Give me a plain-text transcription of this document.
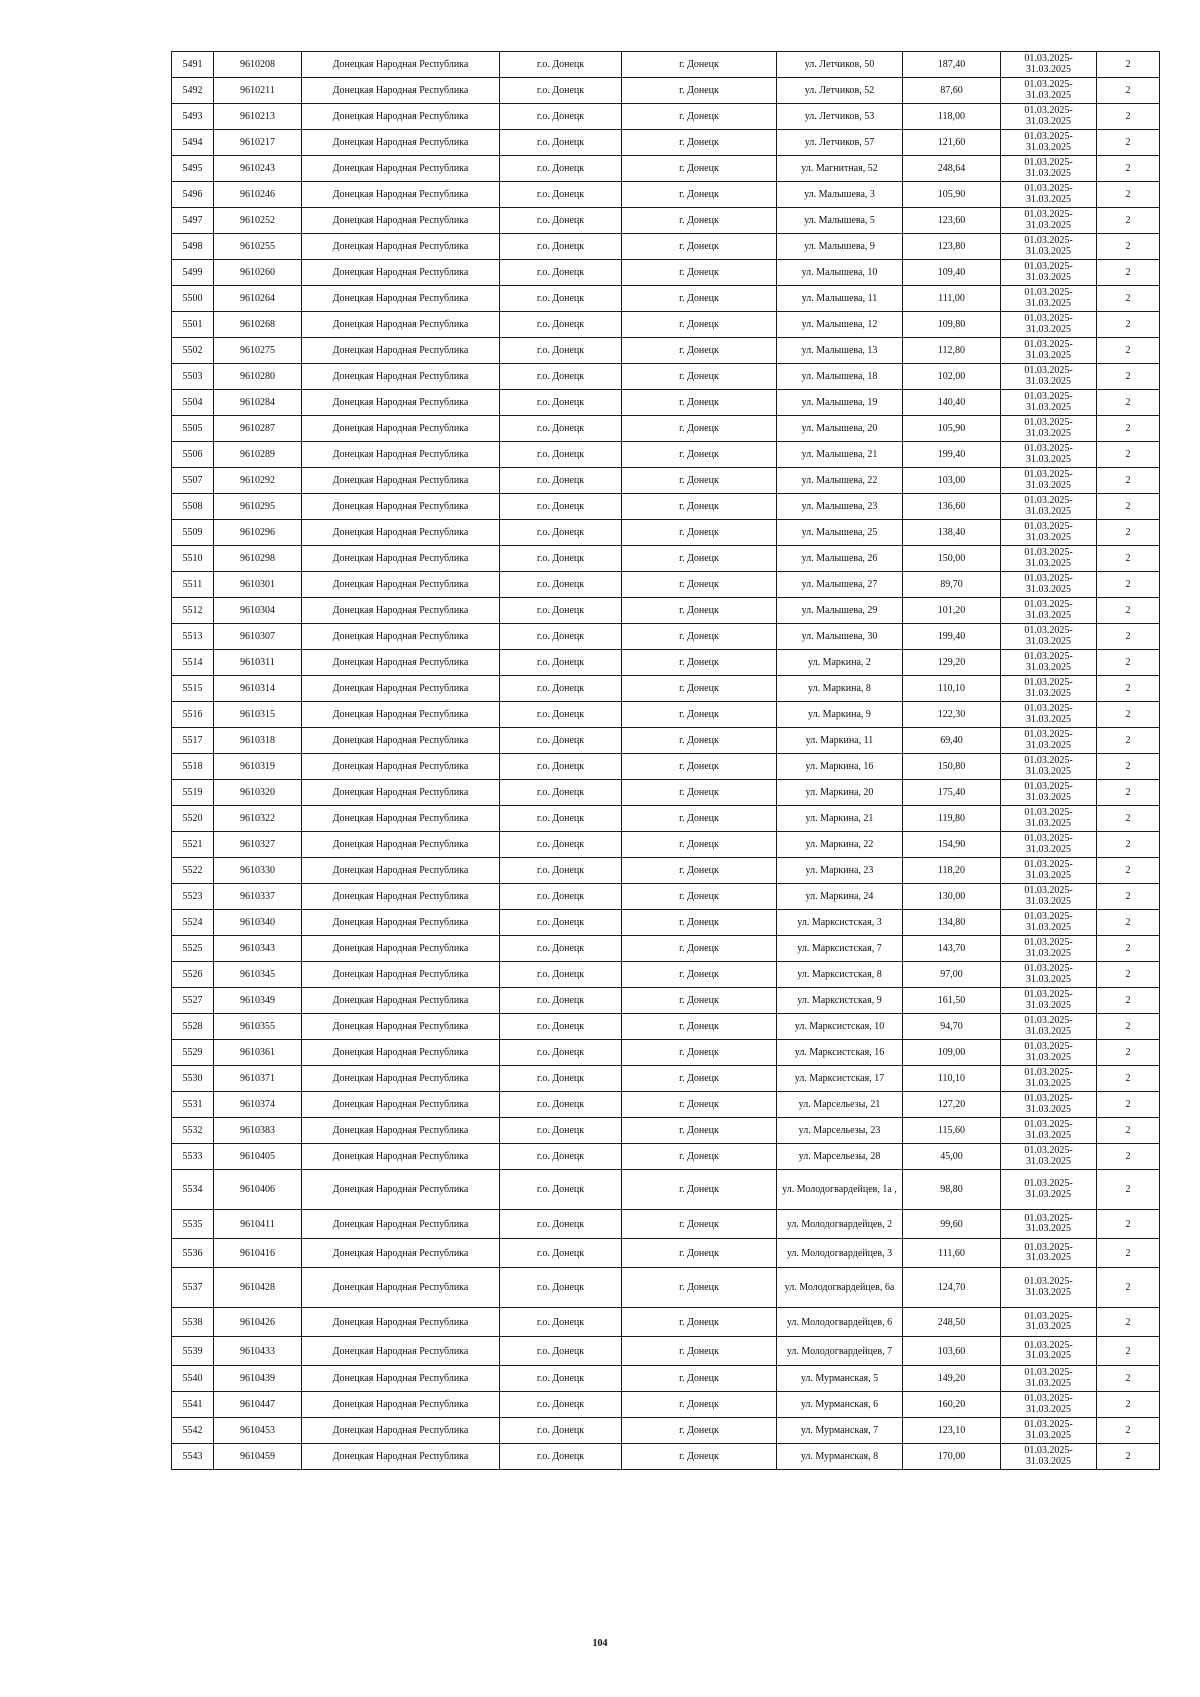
5491	9610208	Донецкая Народная Республика	г.о. Донецк	г. Донецк	ул. Летчиков, 50	187,40	01.03.2025-
31.03.2025	2
5492	9610211	Донецкая Народная Республика	г.о. Донецк	г. Донецк	ул. Летчиков, 52	87,60	01.03.2025-
31.03.2025	2
5493	9610213	Донецкая Народная Республика	г.о. Донецк	г. Донецк	ул. Летчиков, 53	118,00	01.03.2025-
31.03.2025	2
5494	9610217	Донецкая Народная Республика	г.о. Донецк	г. Донецк	ул. Летчиков, 57	121,60	01.03.2025-
31.03.2025	2
5495	9610243	Донецкая Народная Республика	г.о. Донецк	г. Донецк	ул. Магнитная, 52	248,64	01.03.2025-
31.03.2025	2
5496	9610246	Донецкая Народная Республика	г.о. Донецк	г. Донецк	ул. Малышева, 3	105,90	01.03.2025-
31.03.2025	2
5497	9610252	Донецкая Народная Республика	г.о. Донецк	г. Донецк	ул. Малышева, 5	123,60	01.03.2025-
31.03.2025	2
5498	9610255	Донецкая Народная Республика	г.о. Донецк	г. Донецк	ул. Малышева, 9	123,80	01.03.2025-
31.03.2025	2
5499	9610260	Донецкая Народная Республика	г.о. Донецк	г. Донецк	ул. Малышева, 10	109,40	01.03.2025-
31.03.2025	2
5500	9610264	Донецкая Народная Республика	г.о. Донецк	г. Донецк	ул. Малышева, 11	111,00	01.03.2025-
31.03.2025	2
5501	9610268	Донецкая Народная Республика	г.о. Донецк	г. Донецк	ул. Малышева, 12	109,80	01.03.2025-
31.03.2025	2
5502	9610275	Донецкая Народная Республика	г.о. Донецк	г. Донецк	ул. Малышева, 13	112,80	01.03.2025-
31.03.2025	2
5503	9610280	Донецкая Народная Республика	г.о. Донецк	г. Донецк	ул. Малышева, 18	102,00	01.03.2025-
31.03.2025	2
5504	9610284	Донецкая Народная Республика	г.о. Донецк	г. Донецк	ул. Малышева, 19	140,40	01.03.2025-
31.03.2025	2
5505	9610287	Донецкая Народная Республика	г.о. Донецк	г. Донецк	ул. Малышева, 20	105,90	01.03.2025-
31.03.2025	2
5506	9610289	Донецкая Народная Республика	г.о. Донецк	г. Донецк	ул. Малышева, 21	199,40	01.03.2025-
31.03.2025	2
5507	9610292	Донецкая Народная Республика	г.о. Донецк	г. Донецк	ул. Малышева, 22	103,00	01.03.2025-
31.03.2025	2
5508	9610295	Донецкая Народная Республика	г.о. Донецк	г. Донецк	ул. Малышева, 23	136,60	01.03.2025-
31.03.2025	2
5509	9610296	Донецкая Народная Республика	г.о. Донецк	г. Донецк	ул. Малышева, 25	138,40	01.03.2025-
31.03.2025	2
5510	9610298	Донецкая Народная Республика	г.о. Донецк	г. Донецк	ул. Малышева, 26	150,00	01.03.2025-
31.03.2025	2
5511	9610301	Донецкая Народная Республика	г.о. Донецк	г. Донецк	ул. Малышева, 27	89,70	01.03.2025-
31.03.2025	2
5512	9610304	Донецкая Народная Республика	г.о. Донецк	г. Донецк	ул. Малышева, 29	101,20	01.03.2025-
31.03.2025	2
5513	9610307	Донецкая Народная Республика	г.о. Донецк	г. Донецк	ул. Малышева, 30	199,40	01.03.2025-
31.03.2025	2
5514	9610311	Донецкая Народная Республика	г.о. Донецк	г. Донецк	ул. Маркина, 2	129,20	01.03.2025-
31.03.2025	2
5515	9610314	Донецкая Народная Республика	г.о. Донецк	г. Донецк	ул. Маркина, 8	110,10	01.03.2025-
31.03.2025	2
5516	9610315	Донецкая Народная Республика	г.о. Донецк	г. Донецк	ул. Маркина, 9	122,30	01.03.2025-
31.03.2025	2
5517	9610318	Донецкая Народная Республика	г.о. Донецк	г. Донецк	ул. Маркина, 11	69,40	01.03.2025-
31.03.2025	2
5518	9610319	Донецкая Народная Республика	г.о. Донецк	г. Донецк	ул. Маркина, 16	150,80	01.03.2025-
31.03.2025	2
5519	9610320	Донецкая Народная Республика	г.о. Донецк	г. Донецк	ул. Маркина, 20	175,40	01.03.2025-
31.03.2025	2
5520	9610322	Донецкая Народная Республика	г.о. Донецк	г. Донецк	ул. Маркина, 21	119,80	01.03.2025-
31.03.2025	2
5521	9610327	Донецкая Народная Республика	г.о. Донецк	г. Донецк	ул. Маркина, 22	154,90	01.03.2025-
31.03.2025	2
5522	9610330	Донецкая Народная Республика	г.о. Донецк	г. Донецк	ул. Маркина, 23	118,20	01.03.2025-
31.03.2025	2
5523	9610337	Донецкая Народная Республика	г.о. Донецк	г. Донецк	ул. Маркина, 24	130,00	01.03.2025-
31.03.2025	2
5524	9610340	Донецкая Народная Республика	г.о. Донецк	г. Донецк	ул. Марксистская, 3	134,80	01.03.2025-
31.03.2025	2
5525	9610343	Донецкая Народная Республика	г.о. Донецк	г. Донецк	ул. Марксистская, 7	143,70	01.03.2025-
31.03.2025	2
5526	9610345	Донецкая Народная Республика	г.о. Донецк	г. Донецк	ул. Марксистская, 8	97,00	01.03.2025-
31.03.2025	2
5527	9610349	Донецкая Народная Республика	г.о. Донецк	г. Донецк	ул. Марксистская, 9	161,50	01.03.2025-
31.03.2025	2
5528	9610355	Донецкая Народная Республика	г.о. Донецк	г. Донецк	ул. Марксистская, 10	94,70	01.03.2025-
31.03.2025	2
5529	9610361	Донецкая Народная Республика	г.о. Донецк	г. Донецк	ул. Марксистская, 16	109,00	01.03.2025-
31.03.2025	2
5530	9610371	Донецкая Народная Республика	г.о. Донецк	г. Донецк	ул. Марксистская, 17	110,10	01.03.2025-
31.03.2025	2
5531	9610374	Донецкая Народная Республика	г.о. Донецк	г. Донецк	ул. Марсельезы, 21	127,20	01.03.2025-
31.03.2025	2
5532	9610383	Донецкая Народная Республика	г.о. Донецк	г. Донецк	ул. Марсельезы, 23	115,60	01.03.2025-
31.03.2025	2
5533	9610405	Донецкая Народная Республика	г.о. Донецк	г. Донецк	ул. Марсельезы, 28	45,00	01.03.2025-
31.03.2025	2
5534	9610406	Донецкая Народная Республика	г.о. Донецк	г. Донецк	ул. Молодогвардейцев, 1а ,	98,80	01.03.2025-
31.03.2025	2
5535	9610411	Донецкая Народная Республика	г.о. Донецк	г. Донецк	ул. Молодогвардейцев, 2	99,60	01.03.2025-
31.03.2025	2
5536	9610416	Донецкая Народная Республика	г.о. Донецк	г. Донецк	ул. Молодогвардейцев, 3	111,60	01.03.2025-
31.03.2025	2
5537	9610428	Донецкая Народная Республика	г.о. Донецк	г. Донецк	ул. Молодогвардейцев, 6а	124,70	01.03.2025-
31.03.2025	2
5538	9610426	Донецкая Народная Республика	г.о. Донецк	г. Донецк	ул. Молодогвардейцев, 6	248,50	01.03.2025-
31.03.2025	2
5539	9610433	Донецкая Народная Республика	г.о. Донецк	г. Донецк	ул. Молодогвардейцев, 7	103,60	01.03.2025-
31.03.2025	2
5540	9610439	Донецкая Народная Республика	г.о. Донецк	г. Донецк	ул. Мурманская, 5	149,20	01.03.2025-
31.03.2025	2
5541	9610447	Донецкая Народная Республика	г.о. Донецк	г. Донецк	ул. Мурманская, 6	160,20	01.03.2025-
31.03.2025	2
5542	9610453	Донецкая Народная Республика	г.о. Донецк	г. Донецк	ул. Мурманская, 7	123,10	01.03.2025-
31.03.2025	2
5543	9610459	Донецкая Народная Республика	г.о. Донецк	г. Донецк	ул. Мурманская, 8	170,00	01.03.2025-
31.03.2025	2
104
